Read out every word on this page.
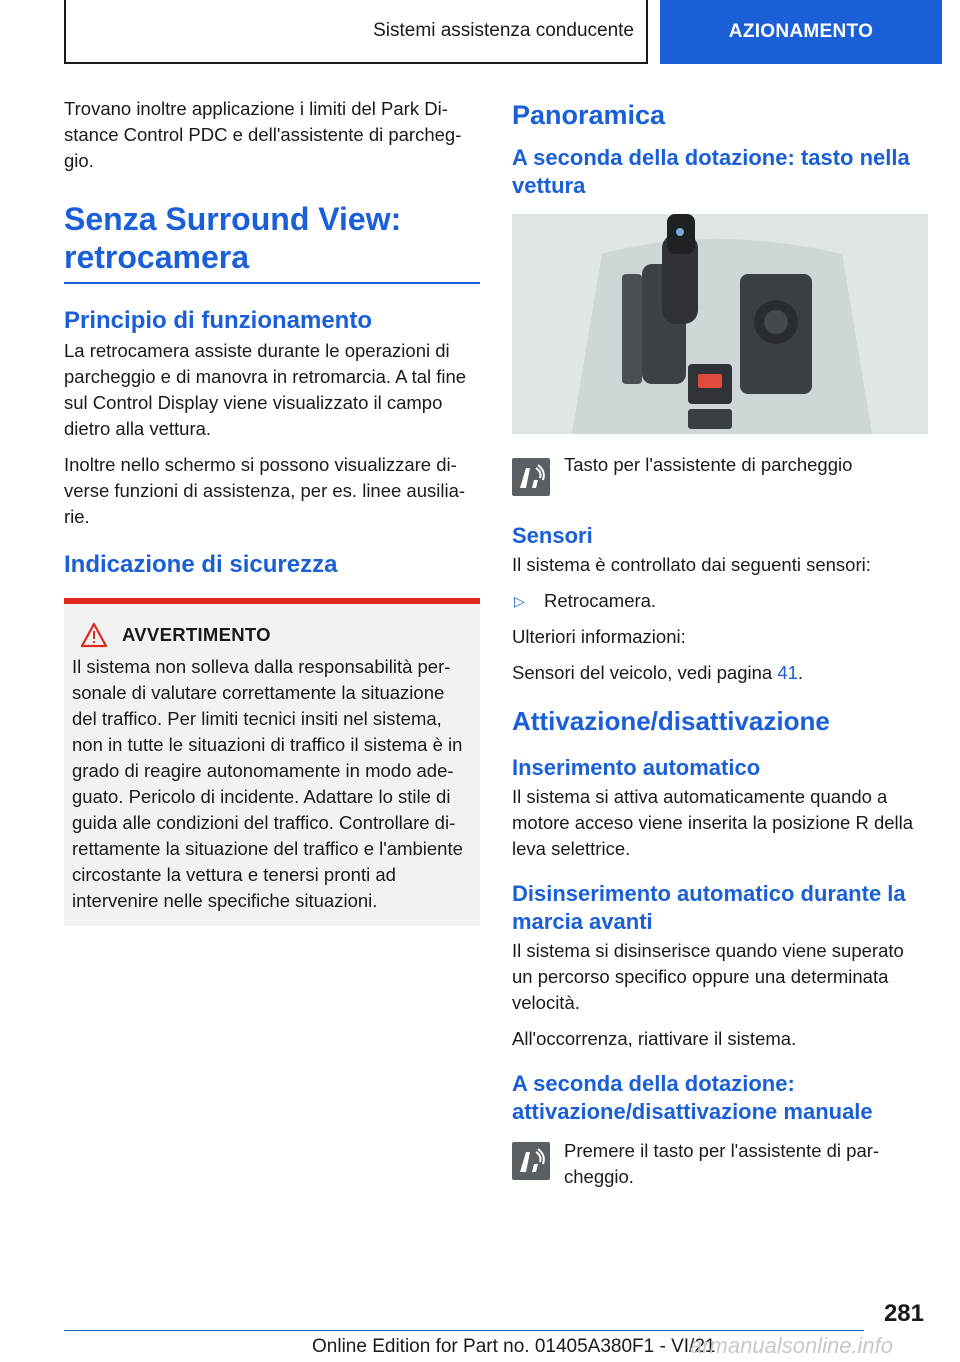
Sistemi assistenza conducente	AZIONAMENTO

Trovano inoltre applicazione i limiti del Park Distance Control PDC e dell'assistente di parcheggio.

Senza Surround View: retrocamera
Principio di funzionamento

La retrocamera assiste durante le operazioni di parcheggio e di manovra in retromarcia. A tal fine sul Control Display viene visualizzato il campo dietro alla vettura.

Inoltre nello schermo si possono visualizzare diverse funzioni di assistenza, per es. linee ausiliarie.

Indicazione di sicurezza
AVVERTIMENTO

Il sistema non solleva dalla responsabilità personale di valutare correttamente la situazione del traffico. Per limiti tecnici insiti nel sistema, non in tutte le situazioni di traffico il sistema è in grado di reagire autonomamente in modo adeguato. Pericolo di incidente. Adattare lo stile di guida alle condizioni del traffico. Controllare direttamente la situazione del traffico e l'ambiente circostante la vettura e tenersi pronti ad intervenire nelle specifiche situazioni.

Panoramica
A seconda della dotazione: tasto nella vettura

Tasto per l'assistente di parcheggio

Sensori

Il sistema è controllato dai seguenti sensori:

▷	Retrocamera.

Ulteriori informazioni:

Sensori del veicolo, vedi pagina 41.

Attivazione/disattivazione
Inserimento automatico

Il sistema si attiva automaticamente quando a motore acceso viene inserita la posizione R della leva selettrice.

Disinserimento automatico durante la marcia avanti

Il sistema si disinserisce quando viene superato un percorso specifico oppure una determinata velocità.

All'occorrenza, riattivare il sistema.

A seconda della dotazione: attivazione/disattivazione manuale

Premere il tasto per l'assistente di parcheggio.

281
Online Edition for Part no. 01405A380F1 - VI/21
armanualsonline.info
